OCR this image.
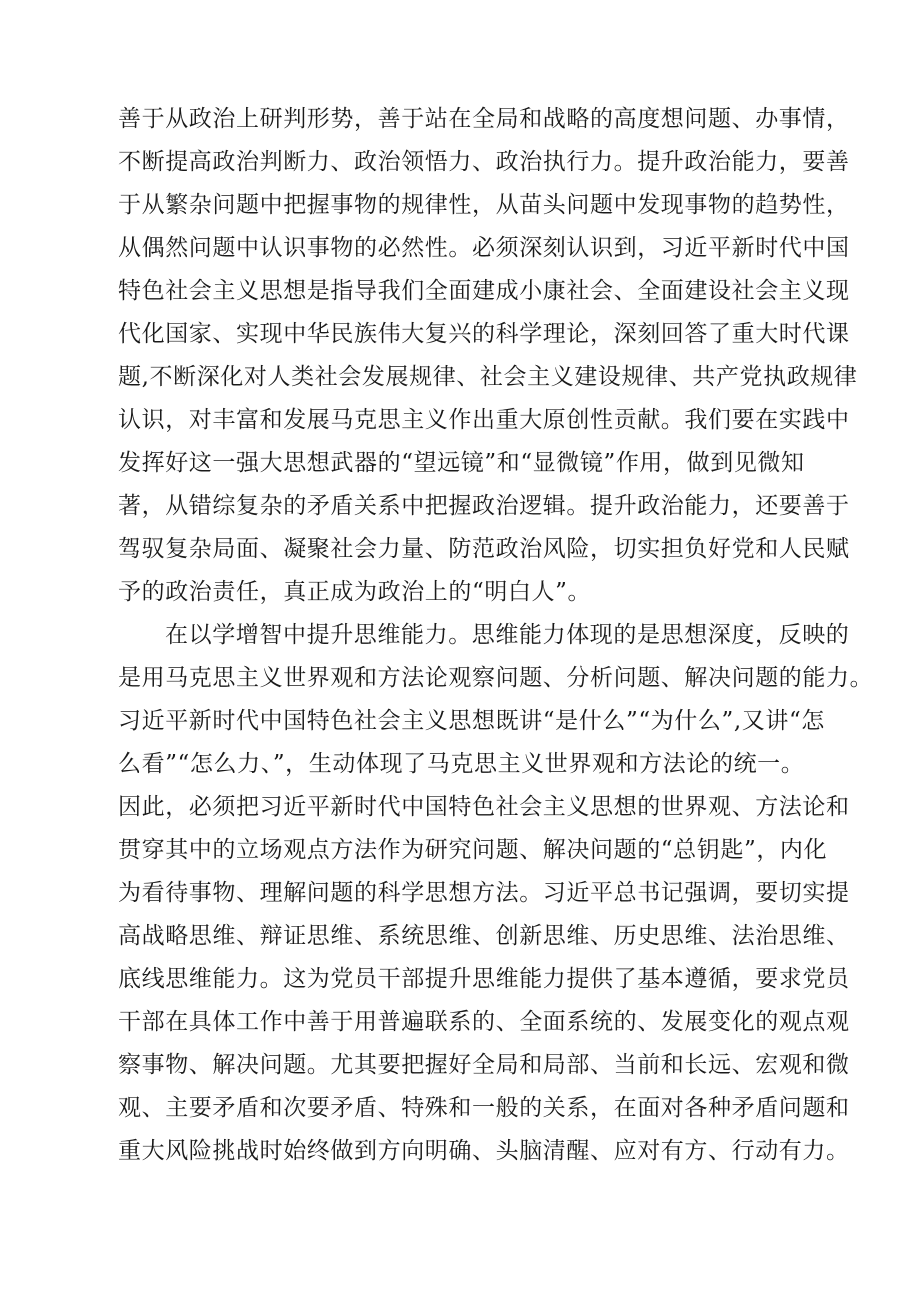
善于从政治上研判形势，善于站在全局和战略的高度想问题、办事情，
不断提高政治判断力、政治领悟力、政治执行力。提升政治能力，要善
于从繁杂问题中把握事物的规律性，从苗头问题中发现事物的趋势性，
从偶然问题中认识事物的必然性。必须深刻认识到，习近平新时代中国
特色社会主义思想是指导我们全面建成小康社会、全面建设社会主义现
代化国家、实现中华民族伟大复兴的科学理论，深刻回答了重大时代课
题,不断深化对人类社会发展规律、社会主义建设规律、共产党执政规律
认识，对丰富和发展马克思主义作出重大原创性贡献。我们要在实践中
发挥好这一强大思想武器的“望远镜”和“显微镜”作用，做到见微知
著，从错综复杂的矛盾关系中把握政治逻辑。提升政治能力，还要善于
驾驭复杂局面、凝聚社会力量、防范政治风险，切实担负好党和人民赋
予的政治责任，真正成为政治上的“明白人”。
在以学增智中提升思维能力。思维能力体现的是思想深度，反映的
是用马克思主义世界观和方法论观察问题、分析问题、解决问题的能力。
习近平新时代中国特色社会主义思想既讲“是什么”“为什么”,又讲“怎
么看”“怎么力、”，生动体现了马克思主义世界观和方法论的统一。
因此，必须把习近平新时代中国特色社会主义思想的世界观、方法论和
贯穿其中的立场观点方法作为研究问题、解决问题的“总钥匙”，内化
为看待事物、理解问题的科学思想方法。习近平总书记强调，要切实提
高战略思维、辩证思维、系统思维、创新思维、历史思维、法治思维、
底线思维能力。这为党员干部提升思维能力提供了基本遵循，要求党员
干部在具体工作中善于用普遍联系的、全面系统的、发展变化的观点观
察事物、解决问题。尤其要把握好全局和局部、当前和长远、宏观和微
观、主要矛盾和次要矛盾、特殊和一般的关系，在面对各种矛盾问题和
重大风险挑战时始终做到方向明确、头脑清醒、应对有方、行动有力。
